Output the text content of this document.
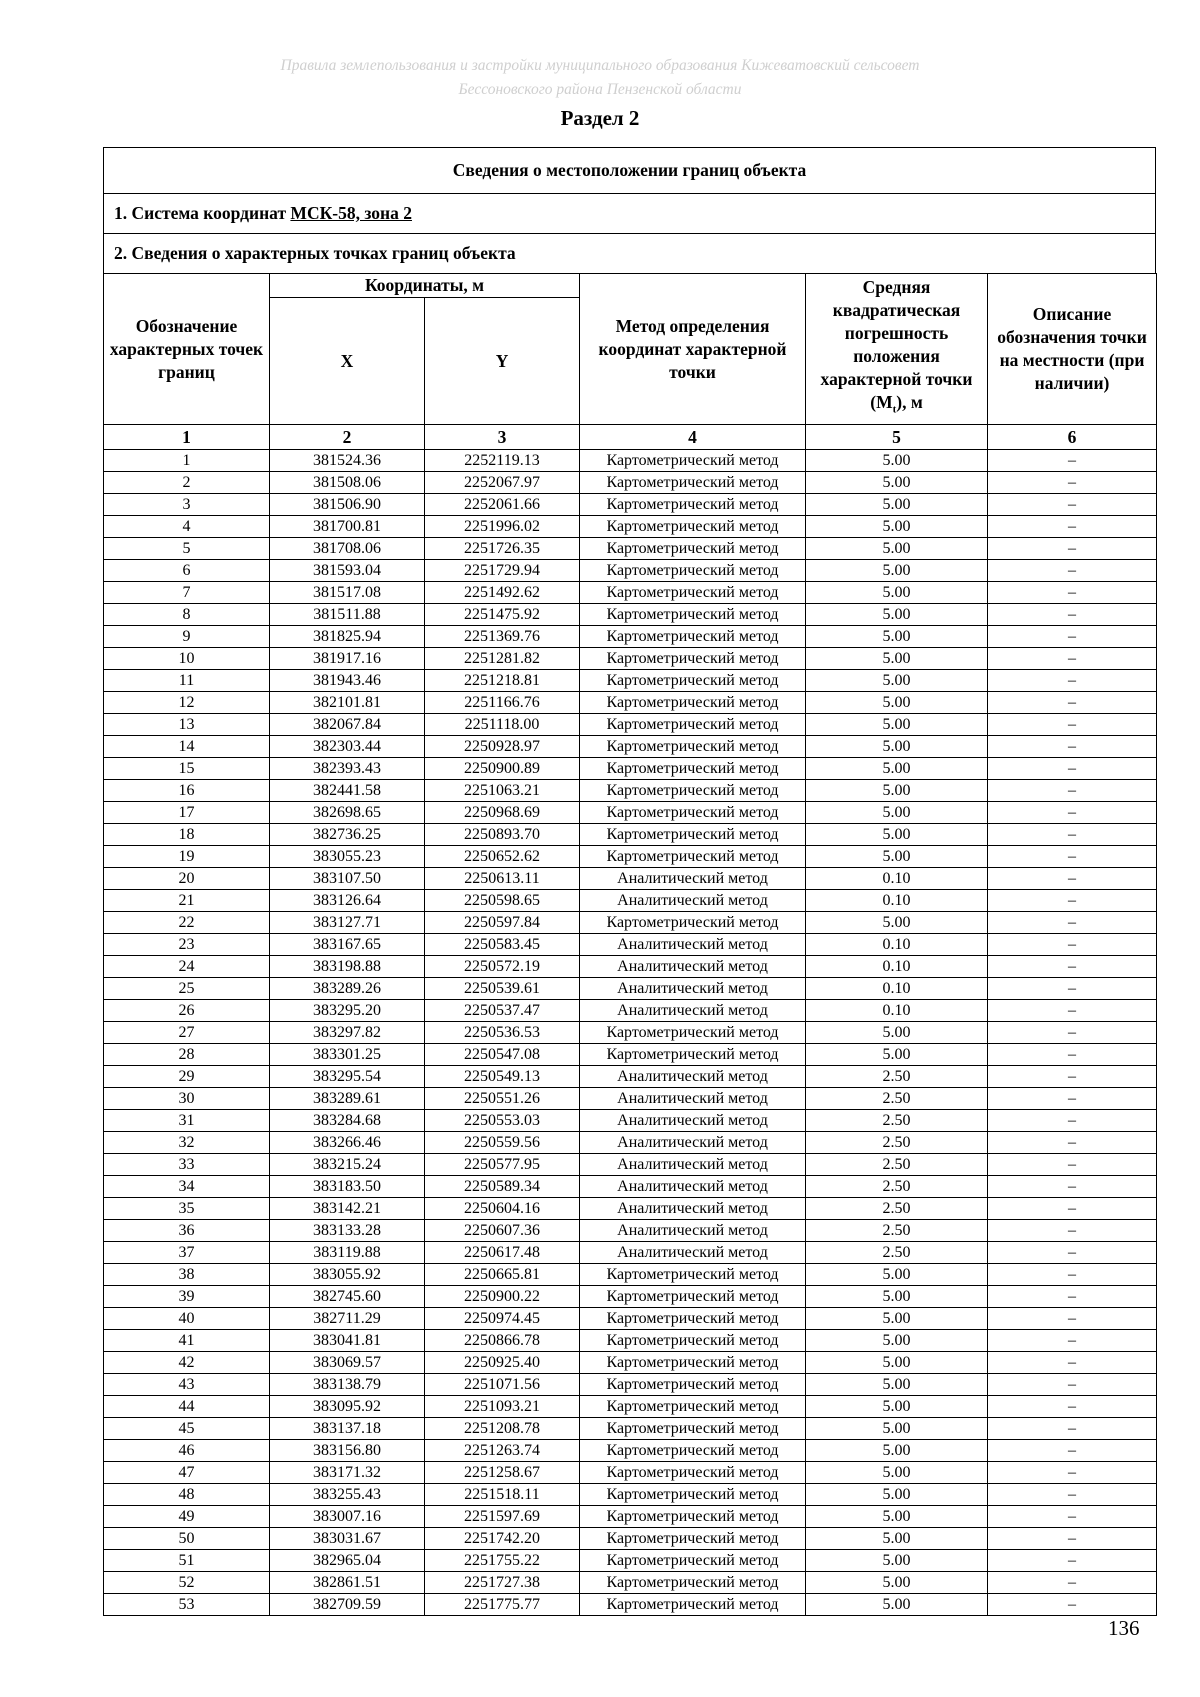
Правила землепользования и застройки муниципального образования Кижеватовский сельсовет
Бессоновского района Пензенской области
Раздел 2
Сведения о местоположении границ объекта
1. Система координат МСК-58, зона 2
2. Сведения о характерных точках границ объекта
Обозначение характерных точек границ	Координаты, м		Метод определения координат характерной точки	Средняя квадратическая погрешность положения характерной точки $(M_t)$, м	Описание обозначения точки на местности (при наличии)
	X	Y			
1	2	3	4	5	6
1	381524.36	2252119.13	Картометрический метод	5.00	–
2	381508.06	2252067.97	Картометрический метод	5.00	–
3	381506.90	2252061.66	Картометрический метод	5.00	–
4	381700.81	2251996.02	Картометрический метод	5.00	–
5	381708.06	2251726.35	Картометрический метод	5.00	–
6	381593.04	2251729.94	Картометрический метод	5.00	–
7	381517.08	2251492.62	Картометрический метод	5.00	–
8	381511.88	2251475.92	Картометрический метод	5.00	–
9	381825.94	2251369.76	Картометрический метод	5.00	–
10	381917.16	2251281.82	Картометрический метод	5.00	–
11	381943.46	2251218.81	Картометрический метод	5.00	–
12	382101.81	2251166.76	Картометрический метод	5.00	–
13	382067.84	2251118.00	Картометрический метод	5.00	–
14	382303.44	2250928.97	Картометрический метод	5.00	–
15	382393.43	2250900.89	Картометрический метод	5.00	–
16	382441.58	2251063.21	Картометрический метод	5.00	–
17	382698.65	2250968.69	Картометрический метод	5.00	–
18	382736.25	2250893.70	Картометрический метод	5.00	–
19	383055.23	2250652.62	Картометрический метод	5.00	–
20	383107.50	2250613.11	Аналитический метод	0.10	–
21	383126.64	2250598.65	Аналитический метод	0.10	–
22	383127.71	2250597.84	Картометрический метод	5.00	–
23	383167.65	2250583.45	Аналитический метод	0.10	–
24	383198.88	2250572.19	Аналитический метод	0.10	–
25	383289.26	2250539.61	Аналитический метод	0.10	–
26	383295.20	2250537.47	Аналитический метод	0.10	–
27	383297.82	2250536.53	Картометрический метод	5.00	–
28	383301.25	2250547.08	Картометрический метод	5.00	–
29	383295.54	2250549.13	Аналитический метод	2.50	–
30	383289.61	2250551.26	Аналитический метод	2.50	–
31	383284.68	2250553.03	Аналитический метод	2.50	–
32	383266.46	2250559.56	Аналитический метод	2.50	–
33	383215.24	2250577.95	Аналитический метод	2.50	–
34	383183.50	2250589.34	Аналитический метод	2.50	–
35	383142.21	2250604.16	Аналитический метод	2.50	–
36	383133.28	2250607.36	Аналитический метод	2.50	–
37	383119.88	2250617.48	Аналитический метод	2.50	–
38	383055.92	2250665.81	Картометрический метод	5.00	–
39	382745.60	2250900.22	Картометрический метод	5.00	–
40	382711.29	2250974.45	Картометрический метод	5.00	–
41	383041.81	2250866.78	Картометрический метод	5.00	–
42	383069.57	2250925.40	Картометрический метод	5.00	–
43	383138.79	2251071.56	Картометрический метод	5.00	–
44	383095.92	2251093.21	Картометрический метод	5.00	–
45	383137.18	2251208.78	Картометрический метод	5.00	–
46	383156.80	2251263.74	Картометрический метод	5.00	–
47	383171.32	2251258.67	Картометрический метод	5.00	–
48	383255.43	2251518.11	Картометрический метод	5.00	–
49	383007.16	2251597.69	Картометрический метод	5.00	–
50	383031.67	2251742.20	Картометрический метод	5.00	–
51	382965.04	2251755.22	Картометрический метод	5.00	–
52	382861.51	2251727.38	Картометрический метод	5.00	–
53	382709.59	2251775.77	Картометрический метод	5.00	–
136
